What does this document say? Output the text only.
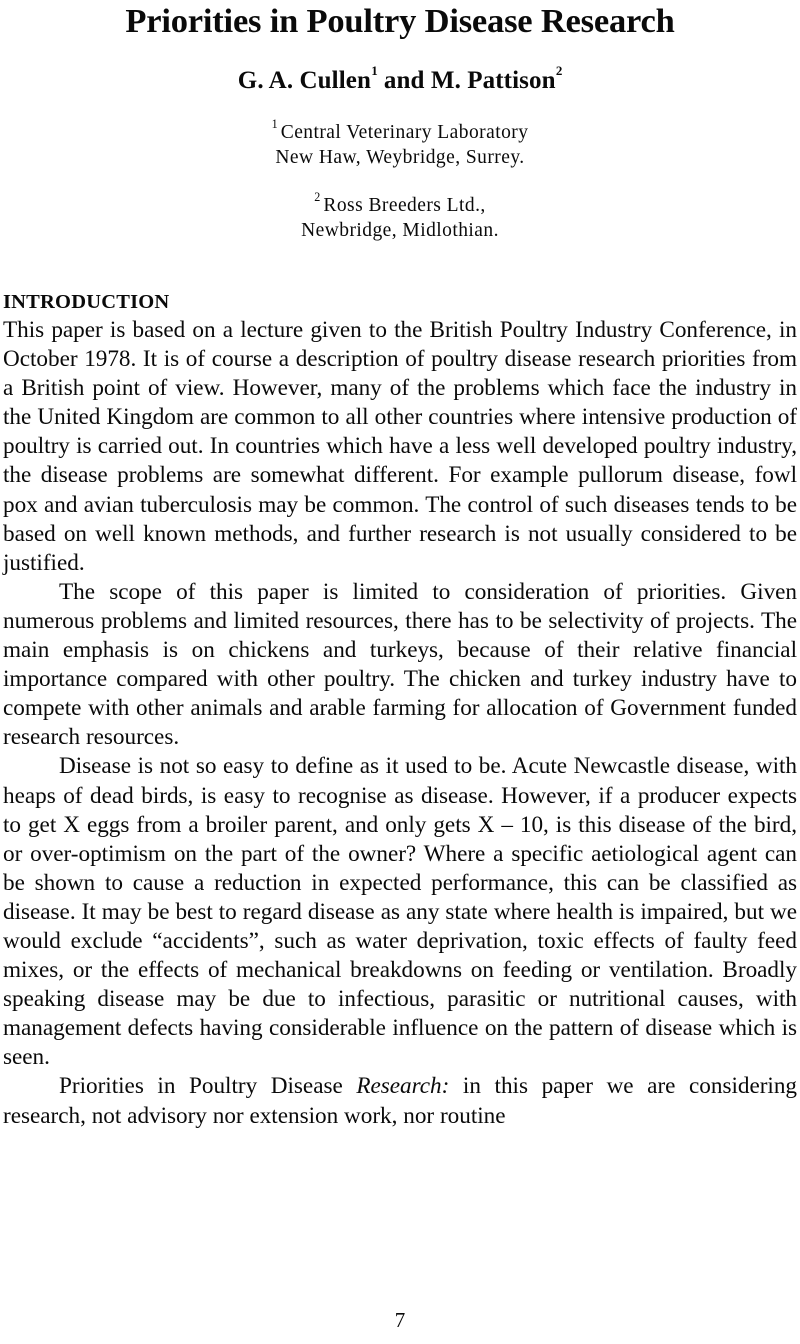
Priorities in Poultry Disease Research
G. A. Cullen$^1$ and M. Pattison$^2$
$^1$ Central Veterinary Laboratory
New Haw, Weybridge, Surrey.
$^2$ Ross Breeders Ltd.,
Newbridge, Midlothian.
INTRODUCTION

This paper is based on a lecture given to the British Poultry Industry Conference, in October 1978. It is of course a description of poultry disease research priorities from a British point of view. However, many of the problems which face the industry in the United Kingdom are common to all other countries where intensive production of poultry is carried out. In countries which have a less well developed poultry industry, the disease problems are somewhat different. For example pullorum disease, fowl pox and avian tuberculosis may be common. The control of such diseases tends to be based on well known methods, and further research is not usually considered to be justified.

The scope of this paper is limited to consideration of priorities. Given numerous problems and limited resources, there has to be selectivity of projects. The main emphasis is on chickens and turkeys, because of their relative financial importance compared with other poultry. The chicken and turkey industry have to compete with other animals and arable farming for allocation of Government funded research resources.

Disease is not so easy to define as it used to be. Acute Newcastle disease, with heaps of dead birds, is easy to recognise as disease. However, if a producer expects to get X eggs from a broiler parent, and only gets X – 10, is this disease of the bird, or over-optimism on the part of the owner? Where a specific aetiological agent can be shown to cause a reduction in expected performance, this can be classified as disease. It may be best to regard disease as any state where health is impaired, but we would exclude “accidents”, such as water deprivation, toxic effects of faulty feed mixes, or the effects of mechanical breakdowns on feeding or ventilation. Broadly speaking disease may be due to infectious, parasitic or nutritional causes, with management defects having considerable influence on the pattern of disease which is seen.

Priorities in Poultry Disease Research: in this paper we are considering research, not advisory nor extension work, nor routine

7
